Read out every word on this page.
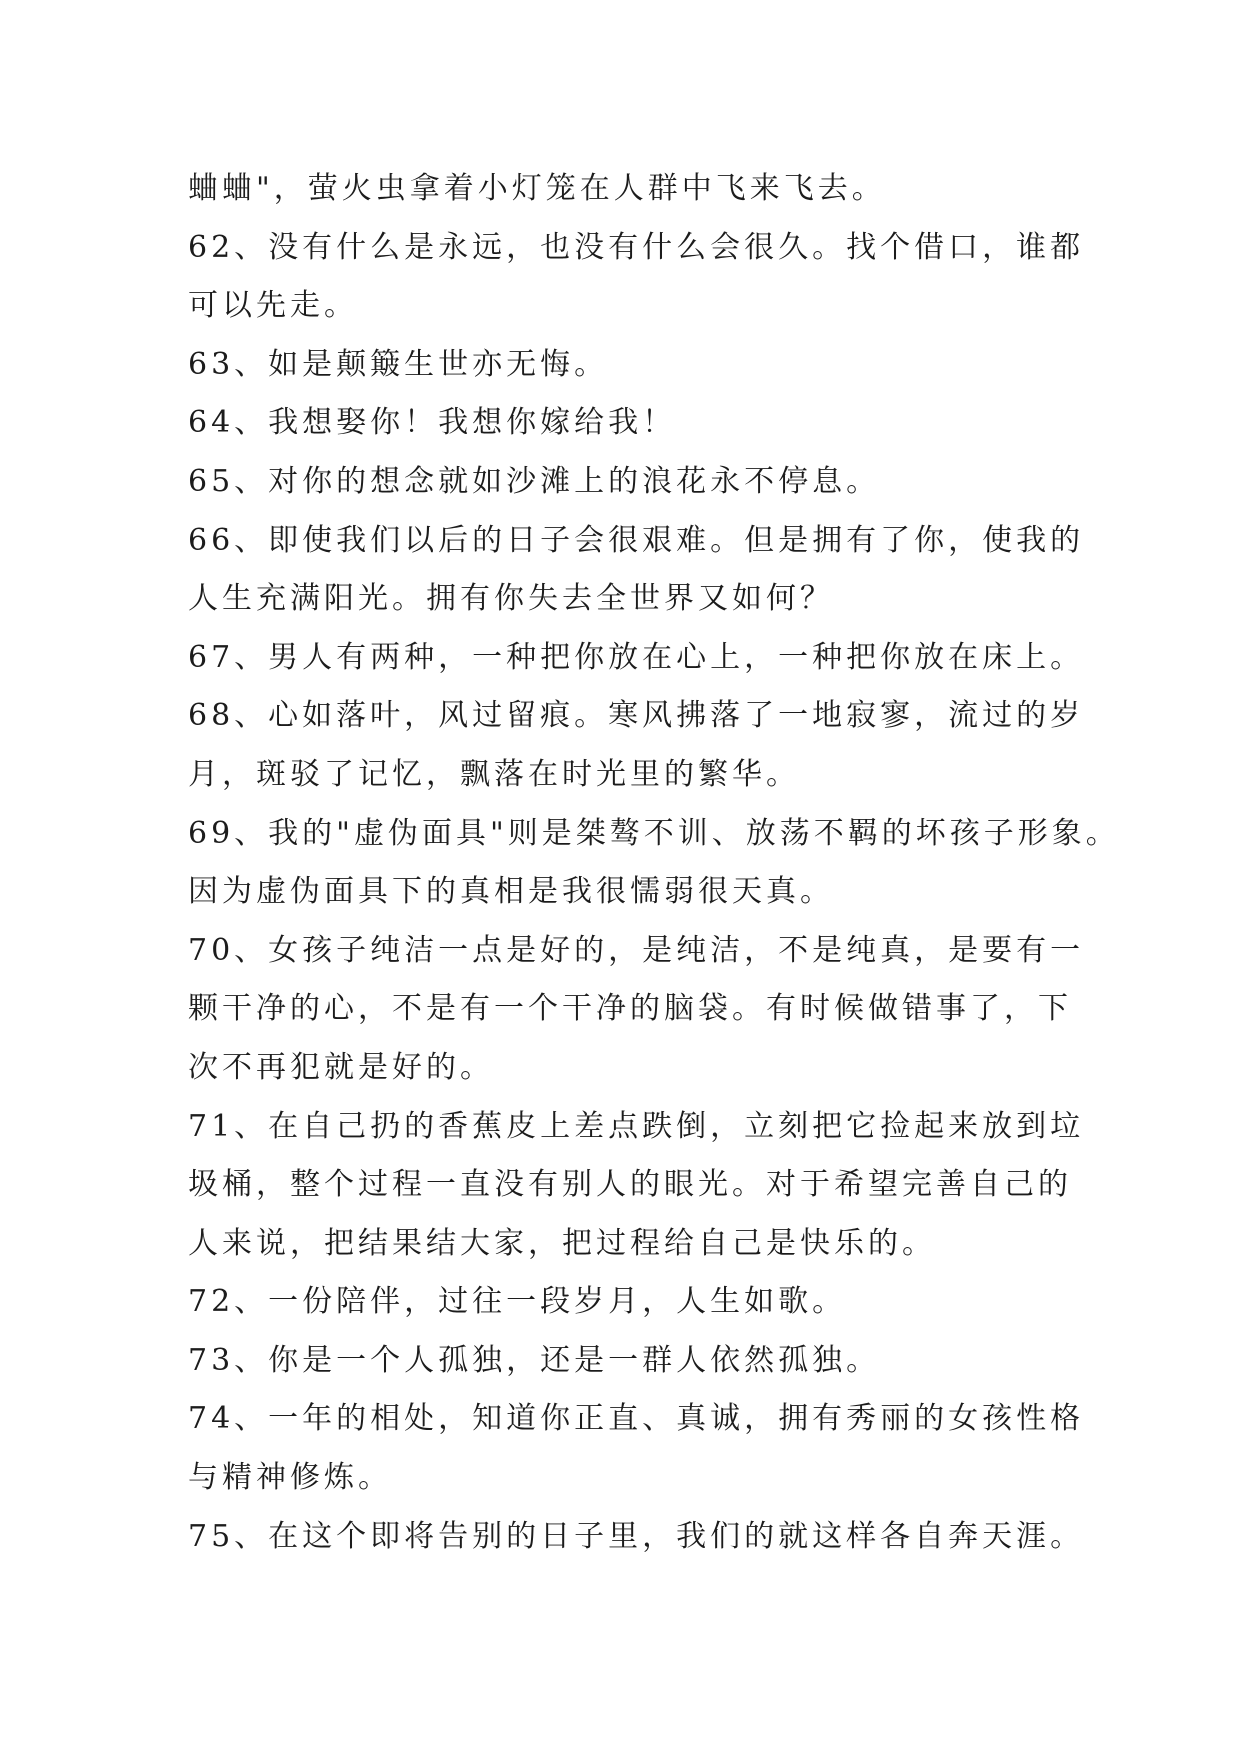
蛐蛐"，萤火虫拿着小灯笼在人群中飞来飞去。
62、没有什么是永远，也没有什么会很久。找个借口，谁都
可以先走。
63、如是颠簸生世亦无悔。
64、我想娶你！我想你嫁给我！
65、对你的想念就如沙滩上的浪花永不停息。
66、即使我们以后的日子会很艰难。但是拥有了你，使我的
人生充满阳光。拥有你失去全世界又如何？
67、男人有两种，一种把你放在心上，一种把你放在床上。
68、心如落叶，风过留痕。寒风拂落了一地寂寥，流过的岁
月，斑驳了记忆，飘落在时光里的繁华。
69、我的"虚伪面具"则是桀骜不训、放荡不羁的坏孩子形象。
因为虚伪面具下的真相是我很懦弱很天真。
70、女孩子纯洁一点是好的，是纯洁，不是纯真，是要有一
颗干净的心，不是有一个干净的脑袋。有时候做错事了，下
次不再犯就是好的。
71、在自己扔的香蕉皮上差点跌倒，立刻把它捡起来放到垃
圾桶，整个过程一直没有别人的眼光。对于希望完善自己的
人来说，把结果结大家，把过程给自己是快乐的。
72、一份陪伴，过往一段岁月，人生如歌。
73、你是一个人孤独，还是一群人依然孤独。
74、一年的相处，知道你正直、真诚，拥有秀丽的女孩性格
与精神修炼。
75、在这个即将告别的日子里，我们的就这样各自奔天涯。
